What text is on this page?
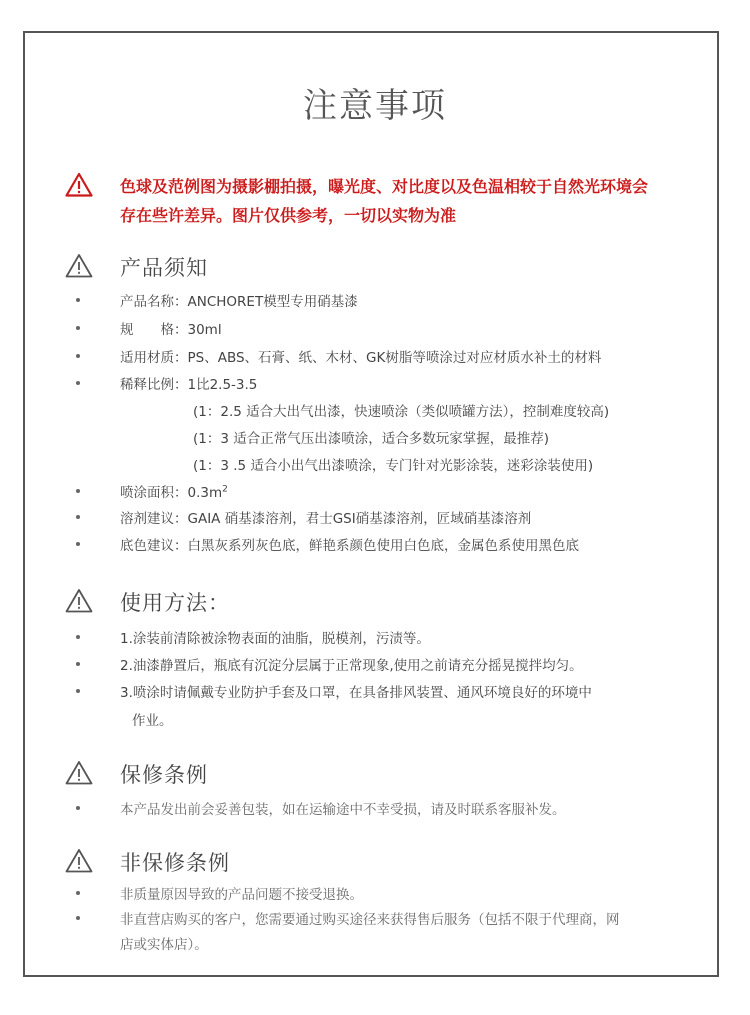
注意事项
色球及范例图为摄影棚拍摄，曝光度、对比度以及色温相较于自然光环境会
存在些许差异。图片仅供参考，一切以实物为准
产品须知
产品名称：ANCHORET模型专用硝基漆
规　　格：30ml
适用材质：PS、ABS、石膏、纸、木材、GK树脂等喷涂过对应材质水补土的材料
稀释比例：1比2.5-3.5
(1：2.5 适合大出气出漆，快速喷涂（类似喷罐方法），控制难度较高)
(1：3 适合正常气压出漆喷涂，适合多数玩家掌握，最推荐)
(1：3 .5 适合小出气出漆喷涂，专门针对光影涂装，迷彩涂装使用)
喷涂面积：$0.3m^2$
溶剂建议：GAIA 硝基漆溶剂，君士GSI硝基漆溶剂，匠域硝基漆溶剂
底色建议：白黑灰系列灰色底，鲜艳系颜色使用白色底，金属色系使用黑色底
使用方法：
1.涂装前清除被涂物表面的油脂，脱模剂，污渍等。
2.油漆静置后，瓶底有沉淀分层属于正常现象,使用之前请充分摇晃搅拌均匀。
3.喷涂时请佩戴专业防护手套及口罩，在具备排风装置、通风环境良好的环境中
作业。
保修条例
本产品发出前会妥善包装，如在运输途中不幸受损，请及时联系客服补发。
非保修条例
非质量原因导致的产品问题不接受退换。
非直营店购买的客户，您需要通过购买途径来获得售后服务（包括不限于代理商，网
店或实体店）。
